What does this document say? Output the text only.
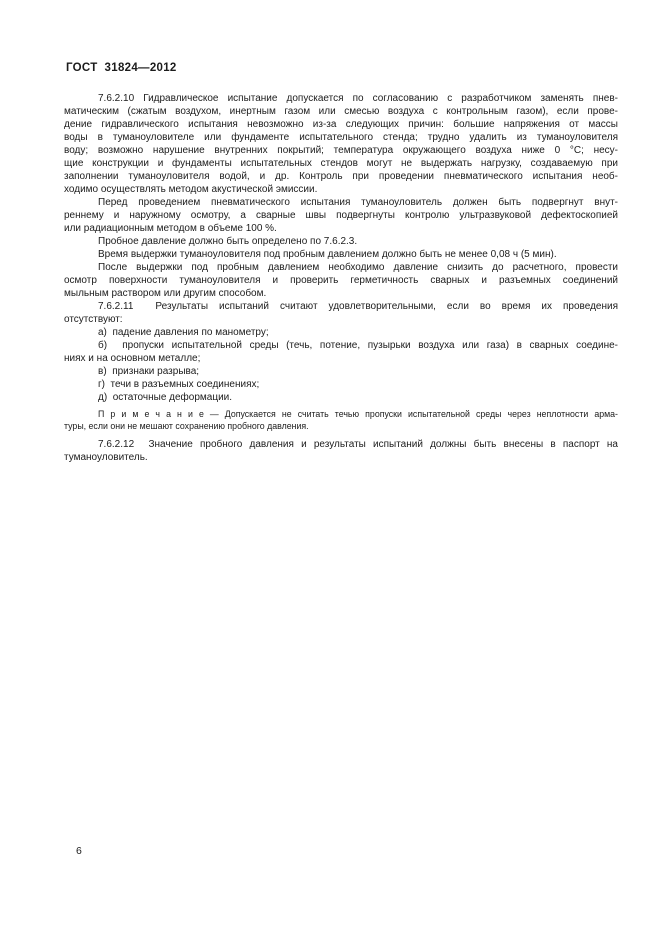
ГОСТ  31824—2012
7.6.2.10 Гидравлическое испытание допускается по согласованию с разработчиком заменять пнев-
матическим (сжатым воздухом, инертным газом или смесью воздуха с контрольным газом), если прове-
дение гидравлического испытания невозможно из-за следующих причин: большие напряжения от массы
воды в туманоуловителе или фундаменте испытательного стенда; трудно удалить из туманоуловителя
воду; возможно нарушение внутренних покрытий; температура окружающего воздуха ниже 0 °С; несу-
щие конструкции и фундаменты испытательных стендов могут не выдержать нагрузку, создаваемую при
заполнении туманоуловителя водой, и др. Контроль при проведении пневматического испытания необ-
ходимо осуществлять методом акустической эмиссии.
Перед проведением пневматического испытания туманоуловитель должен быть подвергнут внут-
реннему и наружному осмотру, а сварные швы подвергнуты контролю ультразвуковой дефектоскопией
или радиационным методом в объеме 100 %.
Пробное давление должно быть определено по 7.6.2.3.
Время выдержки туманоуловителя под пробным давлением должно быть не менее 0,08 ч (5 мин).
После выдержки под пробным давлением необходимо давление снизить до расчетного, провести
осмотр поверхности туманоуловителя и проверить герметичность сварных и разъемных соединений
мыльным раствором или другим способом.
7.6.2.11  Результаты испытаний считают удовлетворительными, если во время их проведения
отсутствуют:
а)  падение давления по манометру;
б)  пропуски испытательной среды (течь, потение, пузырьки воздуха или газа) в сварных соедине-
ниях и на основном металле;
в)  признаки разрыва;
г)  течи в разъемных соединениях;
д)  остаточные деформации.
П р и м е ч а н и е — Допускается не считать течью пропуски испытательной среды через неплотности арма-
туры, если они не мешают сохранению пробного давления.
7.6.2.12  Значение пробного давления и результаты испытаний должны быть внесены в паспорт на
туманоуловитель.
6
